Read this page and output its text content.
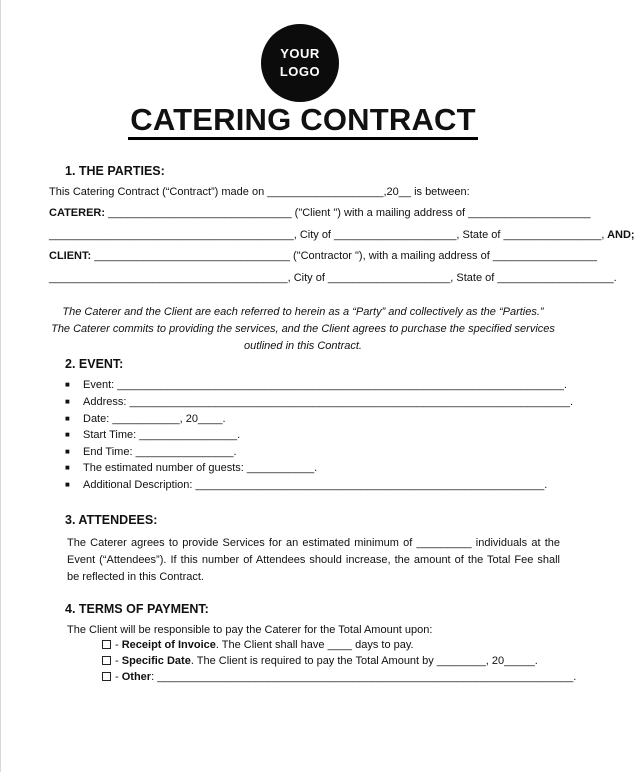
YOUR
LOGO
CATERING CONTRACT
1. THE PARTIES:
This Catering Contract (“Contract”) made on ___________________,20__ is between:
CATERER: ______________________________ ("Client ") with a mailing address of ____________________
________________________________________, City of ____________________, State of ________________, AND;
CLIENT: ________________________________ ("Contractor "), with a mailing address of _________________
_______________________________________, City of ____________________, State of ___________________.
The Caterer and the Client are each referred to herein as a “Party” and collectively as the “Parties.”
The Caterer commits to providing the services, and the Client agrees to purchase the specified services
outlined in this Contract.
2. EVENT:
■ Event: _________________________________________________________________________.
■ Address: ________________________________________________________________________.
■ Date: ___________, 20____.
■ Start Time: ________________.
■ End Time: ________________.
■ The estimated number of guests: ___________.
■ Additional Description: _________________________________________________________.
3. ATTENDEES:
The Caterer agrees to provide Services for an estimated minimum of _________ individuals at the Event (“Attendees”). If this number of Attendees should increase, the amount of the Total Fee shall be reflected in this Contract.
4. TERMS OF PAYMENT:
The Client will be responsible to pay the Caterer for the Total Amount upon:
- Receipt of Invoice. The Client shall have ____ days to pay.
- Specific Date. The Client is required to pay the Total Amount by ________, 20_____.
- Other: ____________________________________________________________________.
